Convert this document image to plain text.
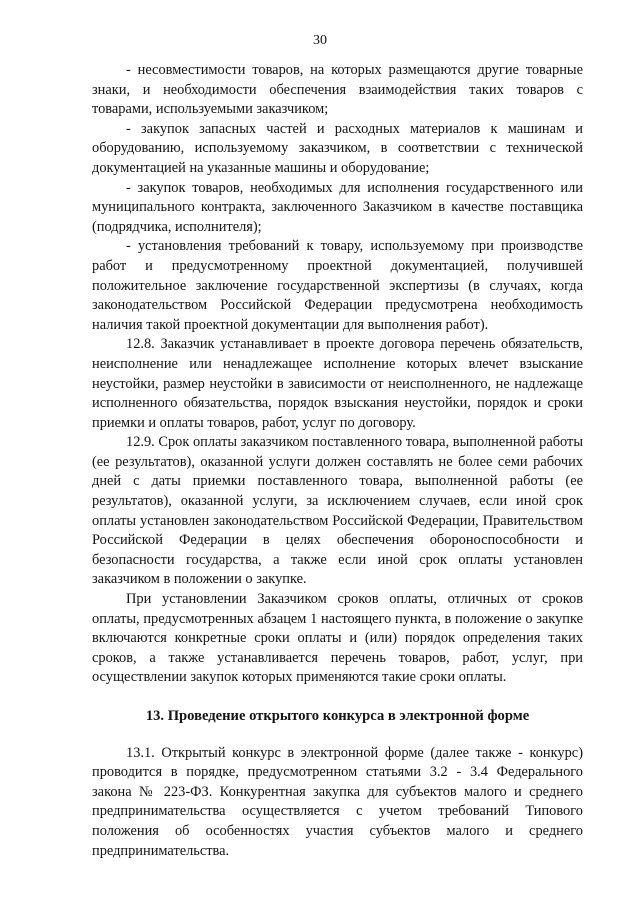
30

- несовместимости товаров, на которых размещаются другие товарные знаки, и необходимости обеспечения взаимодействия таких товаров с товарами, используемыми заказчиком;

- закупок запасных частей и расходных материалов к машинам и оборудованию, используемому заказчиком, в соответствии с технической документацией на указанные машины и оборудование;

- закупок товаров, необходимых для исполнения государственного или муниципального контракта, заключенного Заказчиком в качестве поставщика (подрядчика, исполнителя);

- установления требований к товару, используемому при производстве работ и предусмотренному проектной документацией, получившей положительное заключение государственной экспертизы (в случаях, когда законодательством Российской Федерации предусмотрена необходимость наличия такой проектной документации для выполнения работ).

12.8. Заказчик устанавливает в проекте договора перечень обязательств, неисполнение или ненадлежащее исполнение которых влечет взыскание неустойки, размер неустойки в зависимости от неисполненного, не надлежаще исполненного обязательства, порядок взыскания неустойки, порядок и сроки приемки и оплаты товаров, работ, услуг по договору.

12.9. Срок оплаты заказчиком поставленного товара, выполненной работы (ее результатов), оказанной услуги должен составлять не более семи рабочих дней с даты приемки поставленного товара, выполненной работы (ее результатов), оказанной услуги, за исключением случаев, если иной срок оплаты установлен законодательством Российской Федерации, Правительством Российской Федерации в целях обеспечения обороноспособности и безопасности государства, а также если иной срок оплаты установлен заказчиком в положении о закупке.

При установлении Заказчиком сроков оплаты, отличных от сроков оплаты, предусмотренных абзацем 1 настоящего пункта, в положение о закупке включаются конкретные сроки оплаты и (или) порядок определения таких сроков, а также устанавливается перечень товаров, работ, услуг, при осуществлении закупок которых применяются такие сроки оплаты.

13. Проведение открытого конкурса в электронной форме

13.1. Открытый конкурс в электронной форме (далее также - конкурс) проводится в порядке, предусмотренном статьями 3.2 - 3.4 Федерального закона № 223-ФЗ. Конкурентная закупка для субъектов малого и среднего предпринимательства осуществляется с учетом требований Типового положения об особенностях участия субъектов малого и среднего предпринимательства.
